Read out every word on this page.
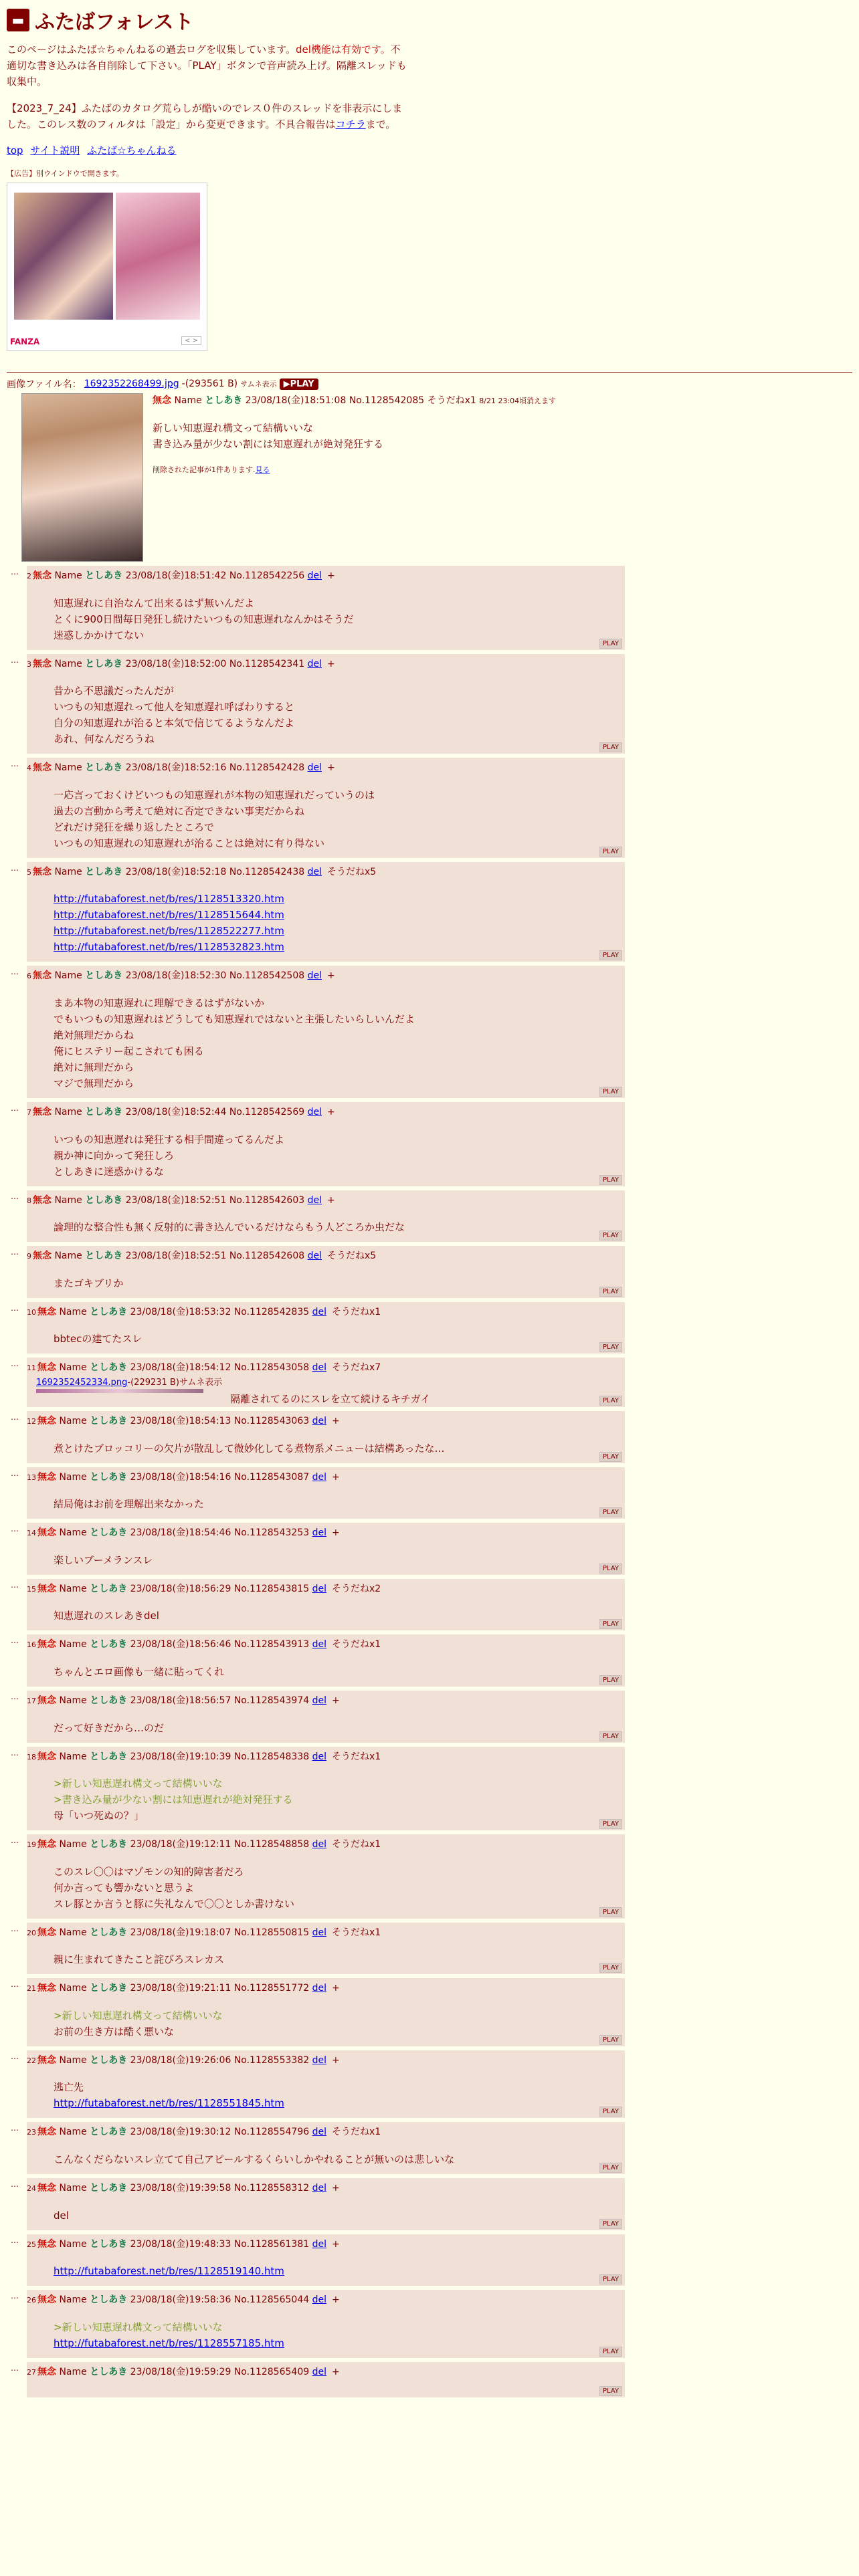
▬ ふたばフォレスト

このページはふたば☆ちゃんねるの過去ログを収集しています。del機能は有効です。不適切な書き込みは各自削除して下さい。「PLAY」ボタンで音声読み上げ。隔離スレッドも収集中。

【2023_7_24】ふたばのカタログ荒らしが酷いのでレス０件のスレッドを非表示にしました。このレス数のフィルタは「設定」から変更できます。不具合報告はコチラまで。

top サイト説明 ふたば☆ちゃんねる
【広告】別ウインドウで開きます。
FANZA	< >
画像ファイル名： 1692352268499.jpg -(293561 B) サムネ表示 ▶PLAY
無念 Name としあき 23/08/18(金)18:51:08 No.1128542085 そうだねx1 8/21 23:04頃消えます
新しい知恵遅れ構文って結構いいな
書き込み量が少ない割には知恵遅れが絶対発狂する
削除された記事が1件あります.見る
… 2 無念 Name としあき 23/08/18(金)18:51:42 No.1128542256 del +
知恵遅れに自治なんて出来るはず無いんだよ
とくに900日間毎日発狂し続けたいつもの知恵遅れなんかはそうだ
迷惑しかかけてない
PLAY
… 3 無念 Name としあき 23/08/18(金)18:52:00 No.1128542341 del +
昔から不思議だったんだが
いつもの知恵遅れって他人を知恵遅れ呼ばわりすると
自分の知恵遅れが治ると本気で信じてるようなんだよ
あれ、何なんだろうね
PLAY
… 4 無念 Name としあき 23/08/18(金)18:52:16 No.1128542428 del +
一応言っておくけどいつもの知恵遅れが本物の知恵遅れだっていうのは
過去の言動から考えて絶対に否定できない事実だからね
どれだけ発狂を繰り返したところで
いつもの知恵遅れの知恵遅れが治ることは絶対に有り得ない
PLAY
… 5 無念 Name としあき 23/08/18(金)18:52:18 No.1128542438 del そうだねx5
http://futabaforest.net/b/res/1128513320.htm
http://futabaforest.net/b/res/1128515644.htm
http://futabaforest.net/b/res/1128522277.htm
http://futabaforest.net/b/res/1128532823.htm
PLAY
… 6 無念 Name としあき 23/08/18(金)18:52:30 No.1128542508 del +
まあ本物の知恵遅れに理解できるはずがないか
でもいつもの知恵遅れはどうしても知恵遅れではないと主張したいらしいんだよ
絶対無理だからね
俺にヒステリー起こされても困る
絶対に無理だから
マジで無理だから
PLAY
… 7 無念 Name としあき 23/08/18(金)18:52:44 No.1128542569 del +
いつもの知恵遅れは発狂する相手間違ってるんだよ
親か神に向かって発狂しろ
としあきに迷惑かけるな
PLAY
… 8 無念 Name としあき 23/08/18(金)18:52:51 No.1128542603 del +
論理的な整合性も無く反射的に書き込んでいるだけならもう人どころか虫だな
PLAY
… 9 無念 Name としあき 23/08/18(金)18:52:51 No.1128542608 del そうだねx5
またゴキブリか
PLAY
… 10 無念 Name としあき 23/08/18(金)18:53:32 No.1128542835 del そうだねx1
bbtecの建てたスレ
PLAY
… 11 無念 Name としあき 23/08/18(金)18:54:12 No.1128543058 del そうだねx7
1692352452334.png-(229231 B)サムネ表示
隔離されてるのにスレを立て続けるキチガイ	PLAY
… 12 無念 Name としあき 23/08/18(金)18:54:13 No.1128543063 del +
煮とけたブロッコリーの欠片が散乱して微妙化してる煮物系メニューは結構あったな…
PLAY
… 13 無念 Name としあき 23/08/18(金)18:54:16 No.1128543087 del +
結局俺はお前を理解出来なかった
PLAY
… 14 無念 Name としあき 23/08/18(金)18:54:46 No.1128543253 del +
楽しいブーメランスレ
PLAY
… 15 無念 Name としあき 23/08/18(金)18:56:29 No.1128543815 del そうだねx2
知恵遅れのスレあきdel
PLAY
… 16 無念 Name としあき 23/08/18(金)18:56:46 No.1128543913 del そうだねx1
ちゃんとエロ画像も一緒に貼ってくれ
PLAY
… 17 無念 Name としあき 23/08/18(金)18:56:57 No.1128543974 del +
だって好きだから…のだ
PLAY
… 18 無念 Name としあき 23/08/18(金)19:10:39 No.1128548338 del そうだねx1
>新しい知恵遅れ構文って結構いいな
>書き込み量が少ない割には知恵遅れが絶対発狂する
母「いつ死ぬの？」
PLAY
… 19 無念 Name としあき 23/08/18(金)19:12:11 No.1128548858 del そうだねx1
このスレ〇〇はマゾモンの知的障害者だろ
何か言っても響かないと思うよ
スレ豚とか言うと豚に失礼なんで〇〇としか書けない
PLAY
… 20 無念 Name としあき 23/08/18(金)19:18:07 No.1128550815 del そうだねx1
親に生まれてきたこと詫びろスレカス
PLAY
… 21 無念 Name としあき 23/08/18(金)19:21:11 No.1128551772 del +
>新しい知恵遅れ構文って結構いいな
お前の生き方は酷く悪いな
PLAY
… 22 無念 Name としあき 23/08/18(金)19:26:06 No.1128553382 del +
逃亡先
http://futabaforest.net/b/res/1128551845.htm
PLAY
… 23 無念 Name としあき 23/08/18(金)19:30:12 No.1128554796 del そうだねx1
こんなくだらないスレ立てて自己アピールするくらいしかやれることが無いのは悲しいな
PLAY
… 24 無念 Name としあき 23/08/18(金)19:39:58 No.1128558312 del +
del
PLAY
… 25 無念 Name としあき 23/08/18(金)19:48:33 No.1128561381 del +
http://futabaforest.net/b/res/1128519140.htm
PLAY
… 26 無念 Name としあき 23/08/18(金)19:58:36 No.1128565044 del +
>新しい知恵遅れ構文って結構いいな
http://futabaforest.net/b/res/1128557185.htm
PLAY
… 27 無念 Name としあき 23/08/18(金)19:59:29 No.1128565409 del +
PLAY
